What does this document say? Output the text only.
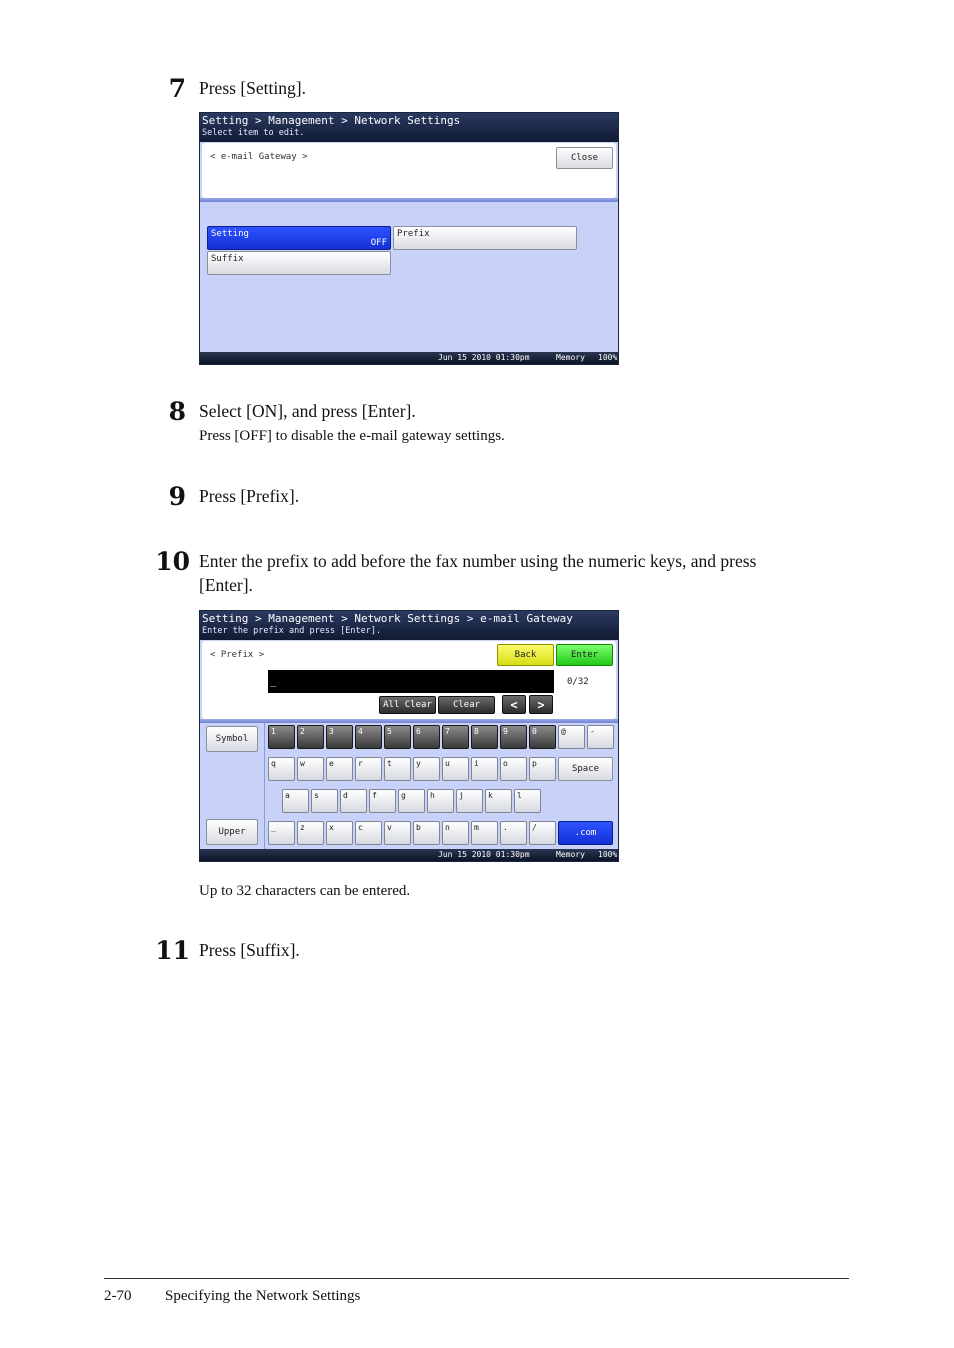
7 Press [Setting].
Setting > Management > Network Settings
Select item to edit.
< e-mail Gateway >	Close
Setting
OFF
Prefix
Suffix
Jun 15 2010 01:30pm	Memory 100%
8 Select [ON], and press [Enter].
Press [OFF] to disable the e-mail gateway settings.
9 Press [Prefix].
10 Enter the prefix to add before the fax number using the numeric keys, and press
[Enter].
Setting > Management > Network Settings > e-mail Gateway
Enter the prefix and press [Enter].
< Prefix >	Back	Enter
_	0/32
All Clear	Clear	<	>
Symbol
Upper
1	2	3	4	5	6	7	8	9	0	@	-
q	w	e	r	t	y	u	i	o	p
a	s	d	f	g	h	j	k	l
_	z	x	c	v	b	n	m	.	/
Space
.com
Jun 15 2010 01:30pm	Memory 100%
Up to 32 characters can be entered.
11 Press [Suffix].
2-70 Specifying the Network Settings
